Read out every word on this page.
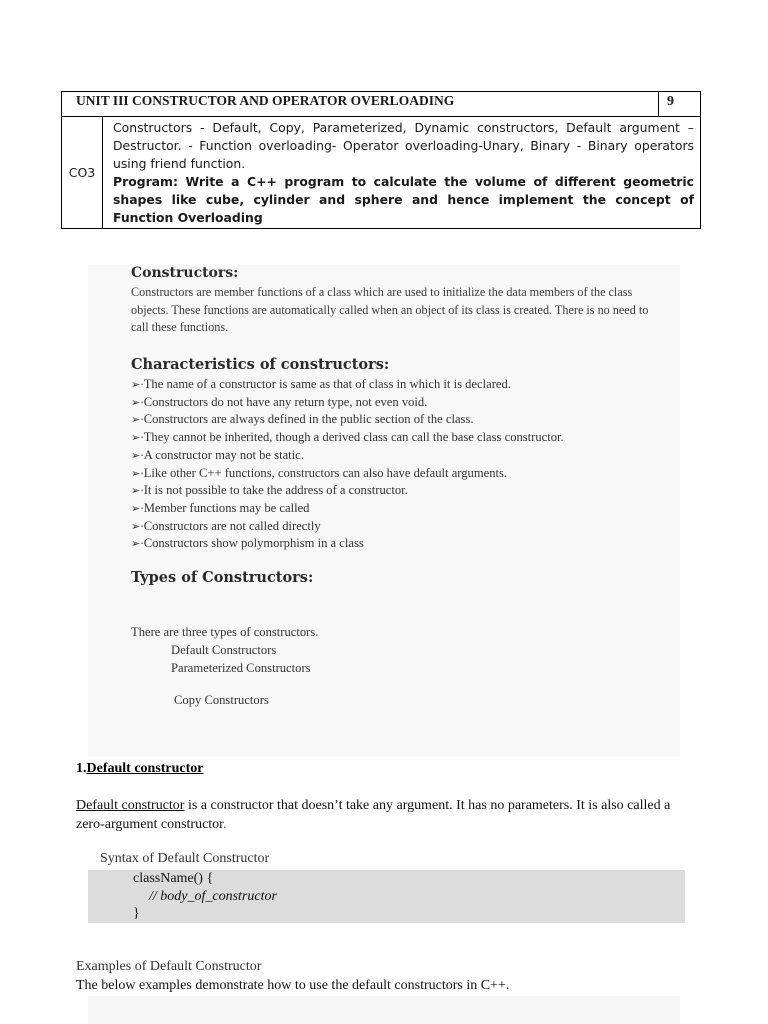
UNIT III CONSTRUCTOR AND OPERATOR OVERLOADING		9
CO3	Constructors - Default, Copy, Parameterized, Dynamic constructors, Default argument – Destructor. - Function overloading- Operator overloading-Unary, Binary - Binary operators using friend function.

Program: Write a C++ program to calculate the volume of different geometric shapes like cube, cylinder and sphere and hence implement the concept of Function Overloading	

Constructors:
Constructors are member functions of a class which are used to initialize the data members of the class objects. These functions are automatically called when an object of its class is created. There is no need to call these functions.
Characteristics of constructors:
➢·The name of a constructor is same as that of class in which it is declared.
➢·Constructors do not have any return type, not even void.
➢·Constructors are always defined in the public section of the class.
➢·They cannot be inherited, though a derived class can call the base class constructor.
➢·A constructor may not be static.
➢·Like other C++ functions, constructors can also have default arguments.
➢·It is not possible to take the address of a constructor.
➢·Member functions may be called
➢·Constructors are not called directly
➢·Constructors show polymorphism in a class
Types of Constructors:
There are three types of constructors.
Default Constructors
Parameterized Constructors
Copy Constructors
1.Default constructor
Default constructor is a constructor that doesn’t take any argument. It has no parameters. It is also called a zero-argument constructor.
Syntax of Default Constructor
className() {
// body_of_constructor
}
Examples of Default Constructor
The below examples demonstrate how to use the default constructors in C++.
